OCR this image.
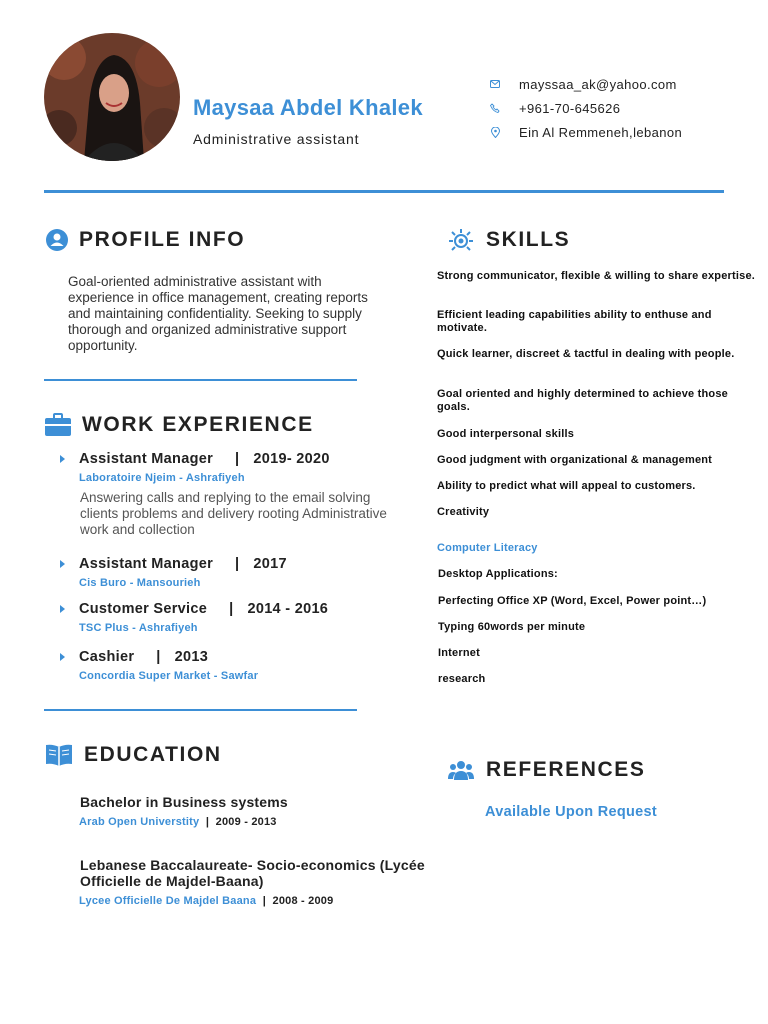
Maysaa Abdel Khalek
Administrative assistant
mayssaa_ak@yahoo.com
+961-70-645626
Ein Al Remmeneh,lebanon
PROFILE INFO
Goal-oriented administrative assistant with experience in office management, creating reports and maintaining confidentiality. Seeking to supply thorough and organized administrative support opportunity.
WORK EXPERIENCE
Assistant Manager | 2019- 2020
Laboratoire Njeim - Ashrafiyeh
Answering calls and replying to the email solving clients problems and delivery rooting Administrative work and collection
Assistant Manager | 2017
Cis Buro - Mansourieh
Customer Service | 2014 - 2016
TSC Plus - Ashrafiyeh
Cashier | 2013
Concordia Super Market - Sawfar
EDUCATION
Bachelor in Business systems
Arab Open Universtity  |  2009 - 2013
Lebanese Baccalaureate- Socio-economics (Lycée Officielle de Majdel-Baana)
Lycee Officielle De Majdel Baana  |  2008 - 2009
SKILLS
Strong communicator, flexible & willing to share expertise.
Efficient leading capabilities ability to enthuse and motivate.
Quick learner, discreet & tactful in dealing with people.
Goal oriented and highly determined to achieve those goals.
Good interpersonal skills
Good judgment with organizational & management
Ability to predict what will appeal to customers.
Creativity
Computer Literacy
Desktop Applications:
Perfecting Office XP (Word, Excel, Power point…)
Typing 60words per minute
Internet
research
REFERENCES
Available Upon Request
